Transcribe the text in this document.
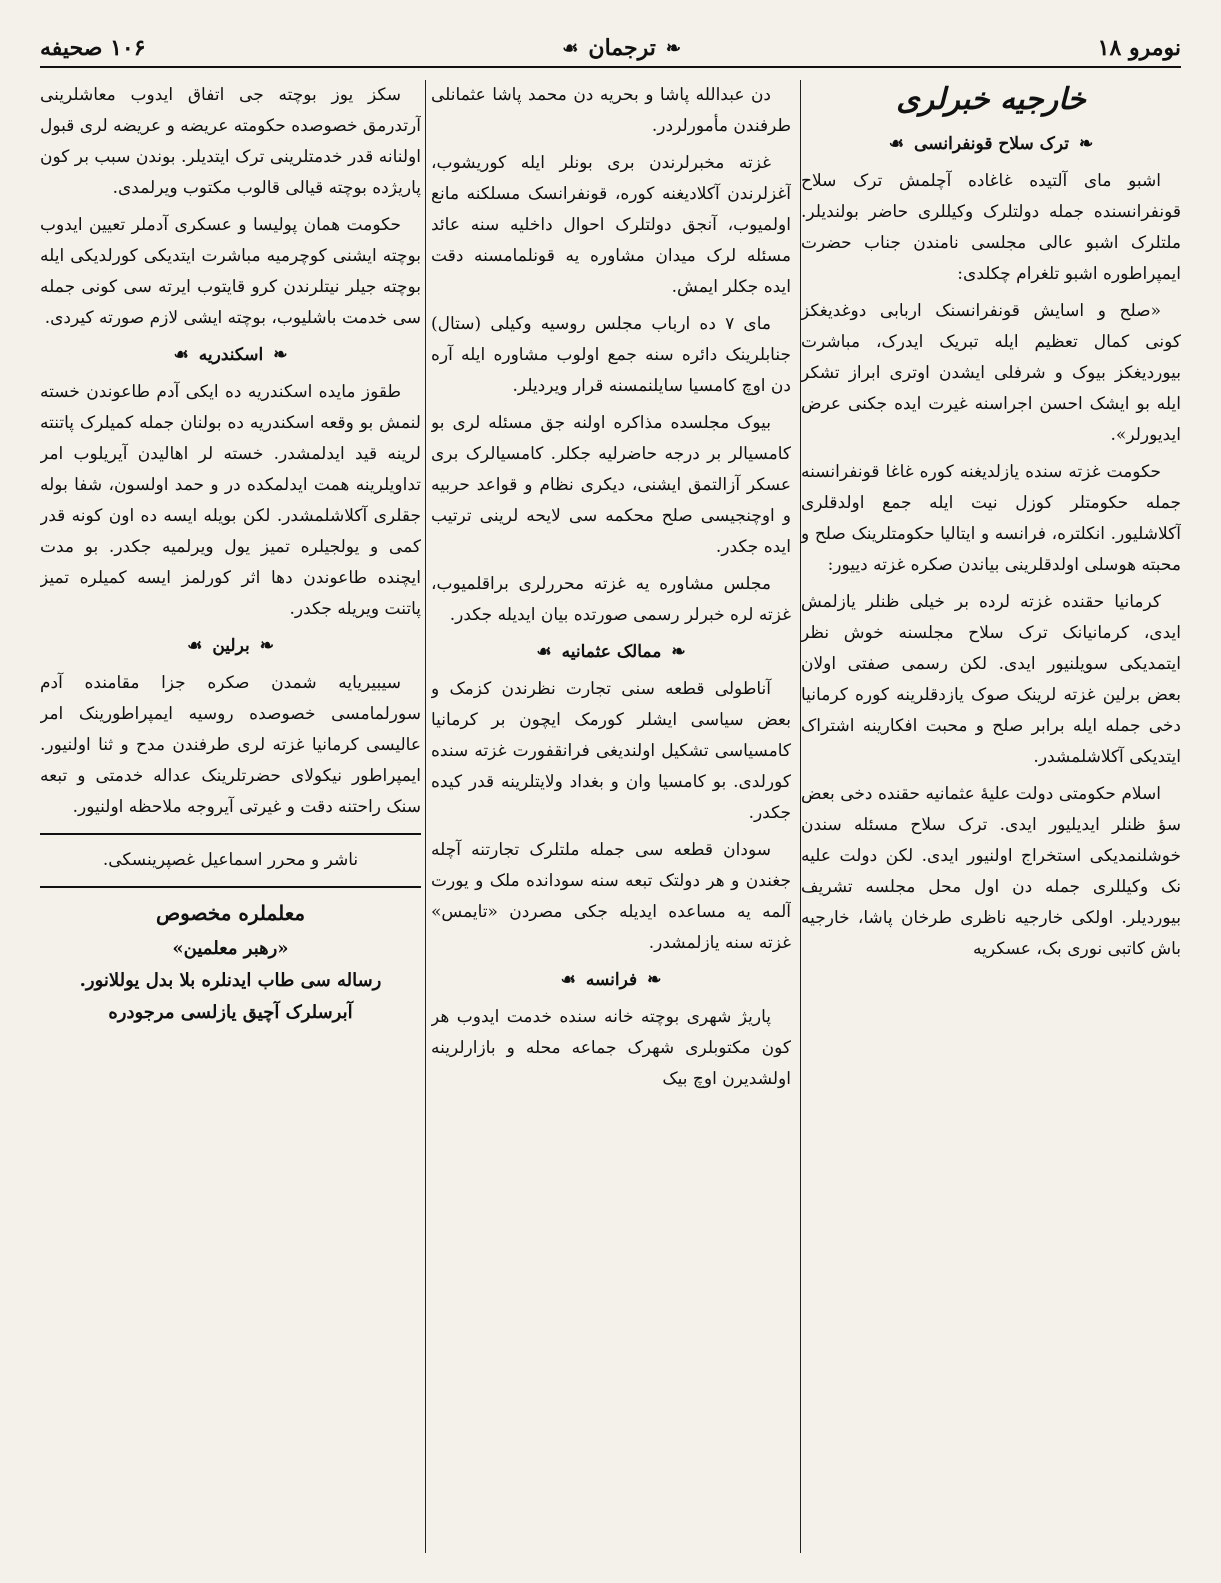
نومرو ۱۸
❧
ترجمان
☙
۱۰۶ صحیفه
خارجیه خبرلری
❧
ترک سلاح قونفرانسی
☙

اشبو مای آلتیده غاغاده آچلمش ترک سلاح قونفرانسنده جمله دولتلرک وکیللری حاضر بولندیلر. ملتلرک اشبو عالی مجلسی نامندن جناب حضرت ایمپراطوره اشبو تلغرام چکلدی:

«صلح و اسایش قونفرانسنک اربابی دوغدیغکز کونی کمال تعظیم ایله تبریک ایدرک، مباشرت بیوردیغکز بیوک و شرفلی ایشدن اوتری ابراز تشکر ایله بو ایشک احسن اجراسنه غیرت ایده جکنی عرض ایدیورلر».

حکومت غزته سنده یازلدیغنه کوره غاغا قونفرانسنه جمله حکومتلر کوزل نیت ایله جمع اولدقلری آکلاشلیور. انکلتره، فرانسه و ایتالیا حکومتلرینک صلح و محبته هوسلی اولدقلرینی بیاندن صکره غزته دییور:

کرمانیا حقنده غزته لرده بر خیلی ظنلر یازلمش ایدی، کرمانیانک ترک سلاح مجلسنه خوش نظر ایتمدیکی سویلنیور ایدی. لکن رسمی صفتی اولان بعض برلین غزته لرینک صوک یازدقلرینه کوره کرمانیا دخی جمله ایله برابر صلح و محبت افکارینه اشتراک ایتدیکی آکلاشلمشدر.

اسلام حکومتی دولت علیهٔ عثمانیه حقنده دخی بعض سؤ ظنلر ایدیلیور ایدی. ترک سلاح مسئله سندن خوشلنمدیکی استخراج اولنیور ایدی. لکن دولت علیه نک وکیللری جمله دن اول محل مجلسه تشریف بیوردیلر. اولکی خارجیه ناظری طرخان پاشا، خارجیه باش کاتبی نوری بک، عسکریه

دن عبدالله پاشا و بحریه دن محمد پاشا عثمانلی طرفندن مأمورلردر.

غزته مخبرلرندن بری بونلر ایله کوریشوب، آغزلرندن آکلادیغنه کوره، قونفرانسک مسلکنه مانع اولمیوب، آنجق دولتلرک احوال داخلیه سنه عائد مسئله لرک میدان مشاوره یه قونلمامسنه دقت ایده جکلر ایمش.

مای ۷ ده ارباب مجلس روسیه وکیلی (ستال) جنابلرینک دائره سنه جمع اولوب مشاوره ایله آره دن اوچ کامسیا سایلنمسنه قرار ویردیلر.

بیوک مجلسده مذاکره اولنه جق مسئله لری بو کامسیالر بر درجه حاضرلیه جکلر. کامسیالرک بری عسکر آزالتمق ایشنی، دیکری نظام و قواعد حربیه و اوچنجیسی صلح محکمه سی لایحه لرینی ترتیب ایده جکدر.

مجلس مشاوره یه غزته محررلری براقلمیوب، غزته لره خبرلر رسمی صورتده بیان ایدیله جکدر.

❧
ممالک عثمانیه
☙

آناطولی قطعه سنی تجارت نظرندن کزمک و بعض سیاسی ایشلر کورمک ایچون بر کرمانیا کامسیاسی تشکیل اولندیغی فرانقفورت غزته سنده کورلدی. بو کامسیا وان و بغداد ولایتلرینه قدر کیده جکدر.

سودان قطعه سی جمله ملتلرک تجارتنه آچله جغندن و هر دولتک تبعه سنه سودانده ملک و یورت آلمه یه مساعده ایدیله جکی مصردن «تایمس» غزته سنه یازلمشدر.

❧
فرانسه
☙

پاریژ شهری بوچته خانه سنده خدمت ایدوب هر کون مکتوبلری شهرک جماعه محله و بازارلرینه اولشدیرن اوچ بیک

سکز یوز بوچته جی اتفاق ایدوب معاشلرینی آرتدرمق خصوصده حکومته عریضه و عریضه لری قبول اولنانه قدر خدمتلرینی ترک ایتدیلر. بوندن سبب بر کون پاریژده بوچته قیالی قالوب مکتوب ویرلمدی.

حکومت همان پولیسا و عسکری آدملر تعیین ایدوب بوچته ایشنی کوچرمیه مباشرت ایتدیکی کورلدیکی ایله بوچته جیلر نیتلرندن کرو قایتوب ایرته سی کونی جمله سی خدمت باشلیوب، بوچته ایشی لازم صورته کیردی.

❧
اسکندریه
☙

طقوز مایده اسکندریه ده ایکی آدم طاعوندن خسته لنمش بو وقعه اسکندریه ده بولنان جمله کمیلرک پاتنته لرینه قید ایدلمشدر. خسته لر اهالیدن آیریلوب امر تداویلرینه همت ایدلمکده در و حمد اولسون، شفا بوله جقلری آکلاشلمشدر. لکن بویله ایسه ده اون کونه قدر کمی و یولجیلره تمیز یول ویرلمیه جکدر. بو مدت ایچنده طاعوندن دها اثر کورلمز ایسه کمیلره تمیز پاتنت ویریله جکدر.

❧
برلین
☙

سیبیریایه شمدن صکره جزا مقامنده آدم سورلمامسی خصوصده روسیه ایمپراطورینک امر عالیسی کرمانیا غزته لری طرفندن مدح و ثنا اولنیور. ایمپراطور نیکولای حضرتلرینک عداله خدمتی و تبعه سنک راحتنه دقت و غیرتی آیروجه ملاحظه اولنیور.

ناشر و محرر اسماعیل غصپرینسکی.
معلملره مخصوص
«رهبر معلمین»
رساله سی طاب ایدنلره بلا بدل یوللانور.
آبرسلرک آچیق یازلسی مرجودره
